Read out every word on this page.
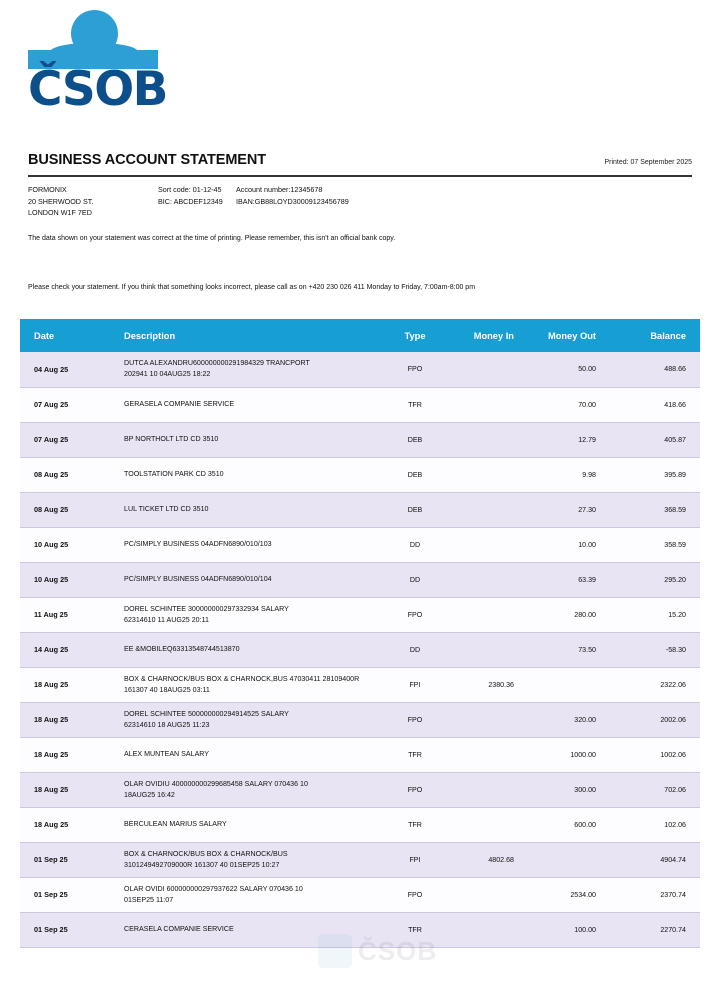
ČSOB
BUSINESS ACCOUNT STATEMENT	Printed: 07 September 2025
FORMONIX
20 SHERWOOD ST.
LONDON W1F 7ED
Sort code: 01-12-45 Account number:12345678
BIC: ABCDEF12349 IBAN:GB88LOYD30009123456789
The data shown on your statement was correct at the time of printing. Please remember, this isn't an official bank copy.
Please check your statement. If you think that something looks incorrect, please call as on +420 230 026 411 Monday to Friday, 7:00am-8:00 pm
Date	Description	Type	Money In	Money Out	Balance
04 Aug 25	DUTCA ALEXANDRU600000000291984329 TRANCPORT
202941 10 04AUG25 18:22	FPO		50.00	488.66
07 Aug 25	GERASELA COMPANIE SERVICE	TFR		70.00	418.66
07 Aug 25	BP NORTHOLT LTD CD 3510	DEB		12.79	405.87
08 Aug 25	TOOLSTATION PARK CD 3510	DEB		9.98	395.89
08 Aug 25	LUL TICKET LTD CD 3510	DEB		27.30	368.59
10 Aug 25	PC/SIMPLY BUSINESS 04ADFN6890/010/103	DD		10.00	358.59
10 Aug 25	PC/SIMPLY BUSINESS 04ADFN6890/010/104	DD		63.39	295.20
11 Aug 25	DOREL SCHINTEE 300000000297332934 SALARY
62314610 11 AUG25 20:11	FPO		280.00	15.20
14 Aug 25	EE &MOBILEQ63313548744513870	DD		73.50	-58.30
18 Aug 25	BOX & CHARNOCK/BUS BOX & CHARNOCK,BUS 47030411 28109400R
161307 40 18AUG25 03:11	FPI	2380.36		2322.06
18 Aug 25	DOREL SCHINTEE 500000000294914525 SALARY
62314610 18 AUG25 11:23	FPO		320.00	2002.06
18 Aug 25	ALEX MUNTEAN SALARY	TFR		1000.00	1002.06
18 Aug 25	OLAR OVIDIU 400000000299685458 SALARY 070436 10
18AUG25 16:42	FPO		300.00	702.06
18 Aug 25	BERCULEAN MARIUS SALARY	TFR		600.00	102.06
01 Sep 25	BOX & CHARNOCK/BUS BOX & CHARNOCK/BUS
3101249492709000R 161307 40 01SEP25 10:27	FPI	4802.68		4904.74
01 Sep 25	OLAR OVIDI 600000000297937622 SALARY 070436 10
01SEP25 11:07	FPO		2534.00	2370.74
01 Sep 25	CERASELA COMPANIE SERVICE	TFR		100.00	2270.74
ČSOB
